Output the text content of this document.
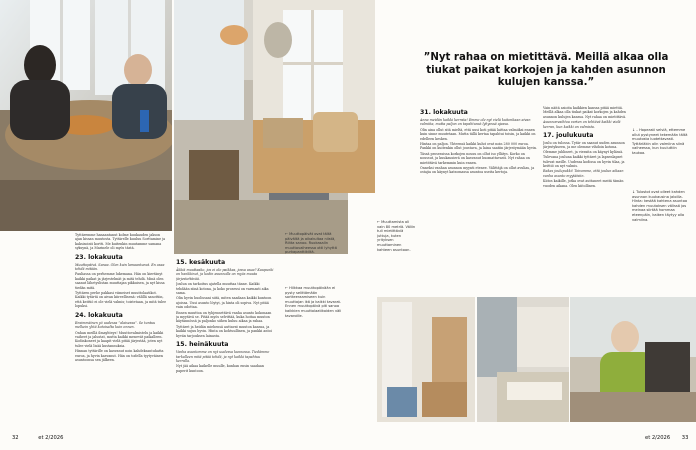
Tyttäremme hanaantanut kolme kuukauden jakson ajan kissan muutosta. Tyttärelle kuuluu Sorttamine ja kaksisointi kortti. Me kuitenkin muutamme samana syksynä, ja Marinele oli myös tästä.

23. lokakuuta

Muuttopäivä. Sanaa. Olen kuin lamaantunut. En osaa tehdä mitään.

Pauliassa on perhemme lukemana. Hän on kiertänyt kaikki paikat ja järjestelmät ja mitä tehdä. Minä olen saanut lähetyslistan muuttajan pikkuisen, ja nyt kissa tiedän mitä.

Tyttären perhe pakkasi viimeiset muuttolaatikot. Kaikki tytärtä on aivan kiireellisenä: välillä sanottiin, että keittiö ei ole vielä valmis; toistetaan, ja mitä tulee lopuksi.

24. lokakuuta

Ensimmäinen yö uudessa ”alaisessa”. Se tuntuu melkein yhtä kotoisalta kuin ennen.

Onhan meillä ilmayhteys! Muuttovalmistelu ja kaikki vaiheet ja jalustat, mutta kaikki menevät paikalleen. Kodinkoneet ja kaapit vielä pitää järjestää, joten nyt tulee vielä lisää kustannuksia.

Hinnan tyttärille on kasvanut noin kahdeksantuhatta euroa, ja hyvin kasvanut. Hän on todella tyytyväinen asuntoonsa sen jälkeen.

← Muuttopäivät ovat tältä päivältä ja aikakultaa niistä, Riitta sanoo. Ruokasalin muuttovaiheessa otti lyhyttä purkapanttikiltä.
← Hilkkaa muuttopäivään ei pysty selittämään sortteeraamiseen kuin muuttajan ikä ja kaikki tavarat. Ennen muuttopäivä piti sanoa kaikkien muuttolaatikoiden väli tavaroille.
15. kesäkuuta

Äkkiä muuttaako, jos ei ole paikkaa, jossa asua? Kaupunki on hankkinut, ja kodin asunnolla on myös muuta järjestettävää.

Joulun on tarkoitus ajatella muuttaa tänne. Kaikki tehdään siinä kotona, ja koko prosessi on varmasti aika sama.

Olin hyvin huolissani siitä, miten saadaan kaikki kuntoon ajoissa. Uusi asunto löytyi, ja hinta oli sopiva. Nyt pitää vain odottaa.

Ennen muuttoa on tyhjennettävä vanha asunto kokonaan ja myytävä se. Pitää myös selvittää, kuka hoitaa muuton käytännössä ja paljonko siihen kuluu aikaa ja rahaa.

Tyttäret ja heidän miehensä auttavat muuton kanssa, ja kaikki sujuu hyvin. Hinta on kohtuullinen, ja pankki antoi hyvän tarjouksen lainasta.

15. heinäkuuta

Vanha asuntomme on nyt uudessa kunnossa. Tiedämme tarkalleen mitä pitää tehdä, ja nyt kaikki tapahtuu kerralla.

Nyt jää aikaa kaikelle muulle, kunhan ensin saadaan paperit kuntoon.

”Nyt rahaa on mietittävä. Meillä alkaa olla tiukat paikat korkojen ja kahden asunnon kulujen kanssa.”
← Muuttamista oli vain 80 metriä. Väliin tuli mietittäviä juttuja, kuten yrityksen muuttaminen kahteen asuntoon.
31. lokakuuta

Anna meidän kaikki kerrata! Emme ole nyt vielä kuitenkaan aivan valmiita, mutta paljon on tapahtunut lyhyessä ajassa.

Olin aina ollut sitä mieltä, että uusi koti pitää laittaa valmiiksi ennen kuin sinne muutetaan. Mutta tällä kertaa tapahtui toisin, ja kaikki on edelleen kesken.

Hintaa on paljon. Yhteensä kaikki kulut ovat noin 280 000 euroa. Pankki on kuitenkin ollut joustava, ja laina saatiin järjestymään hyvin.

Tässä prosessissa korkojen nousu on ollut iso yllätys. Korko on noussut, ja kuukausierä on kasvanut huomattavasti. Nyt rahaa on mietittävä tarkemmin kuin ennen.

Onneksi vanhan asunnon myynti etenee. Välittäjä on ollut avulias, ja ostajia on käynyt katsomassa asuntoa useita kertoja.

Vain näitä asioita kaikkien kanssa pitää miettiä. Meillä alkaa olla tiukat paikat korkojen ja kahden asunnon kulujen kanssa. Nyt rahaa on mietittävä.

Asunnonvaihtoa varten on tehtävä kaikki vielä kerran, kun kaikki on valmista.

17. joulukuuta

Joulu on tulossa. Tytär on saanut uuden asunnon järjestykseen, ja me olemme vihdoin kotona. Olemme juhlineet, ja vieraita on käynyt kylässä.

Tulevana jouluna kaikki tyttäret ja lapsenlapset tulevat meille. Uudessa kodissa on hyvin tilaa, ja keittiö on nyt valmis.

Rakas joulupukki! Toivomme, että joulun aikaan vanha asunto myytäisiin.

Kiitos kaikille, jotka ovat auttaneet meitä tämän vuoden aikana. Olen kiitollinen.

↓ – Hopeasti selviä, ettemme ollut pystyneet tekemään tältä muutosta luotettavasti. Tyttäriäkin olin valmiina siinä vaiheessa, kun kuuluttiin taukoa.
↓ Tulostot ovat olleet kahden asunnon kuukausina jaloilla. Hinta: kestää kahtena asuntoa kahden muutoksen välissä jos meinaa siirtää hommaa eteenpäin, kaiken täytyy olla valmiina.
32	et 2/2026	et 2/2026 33
